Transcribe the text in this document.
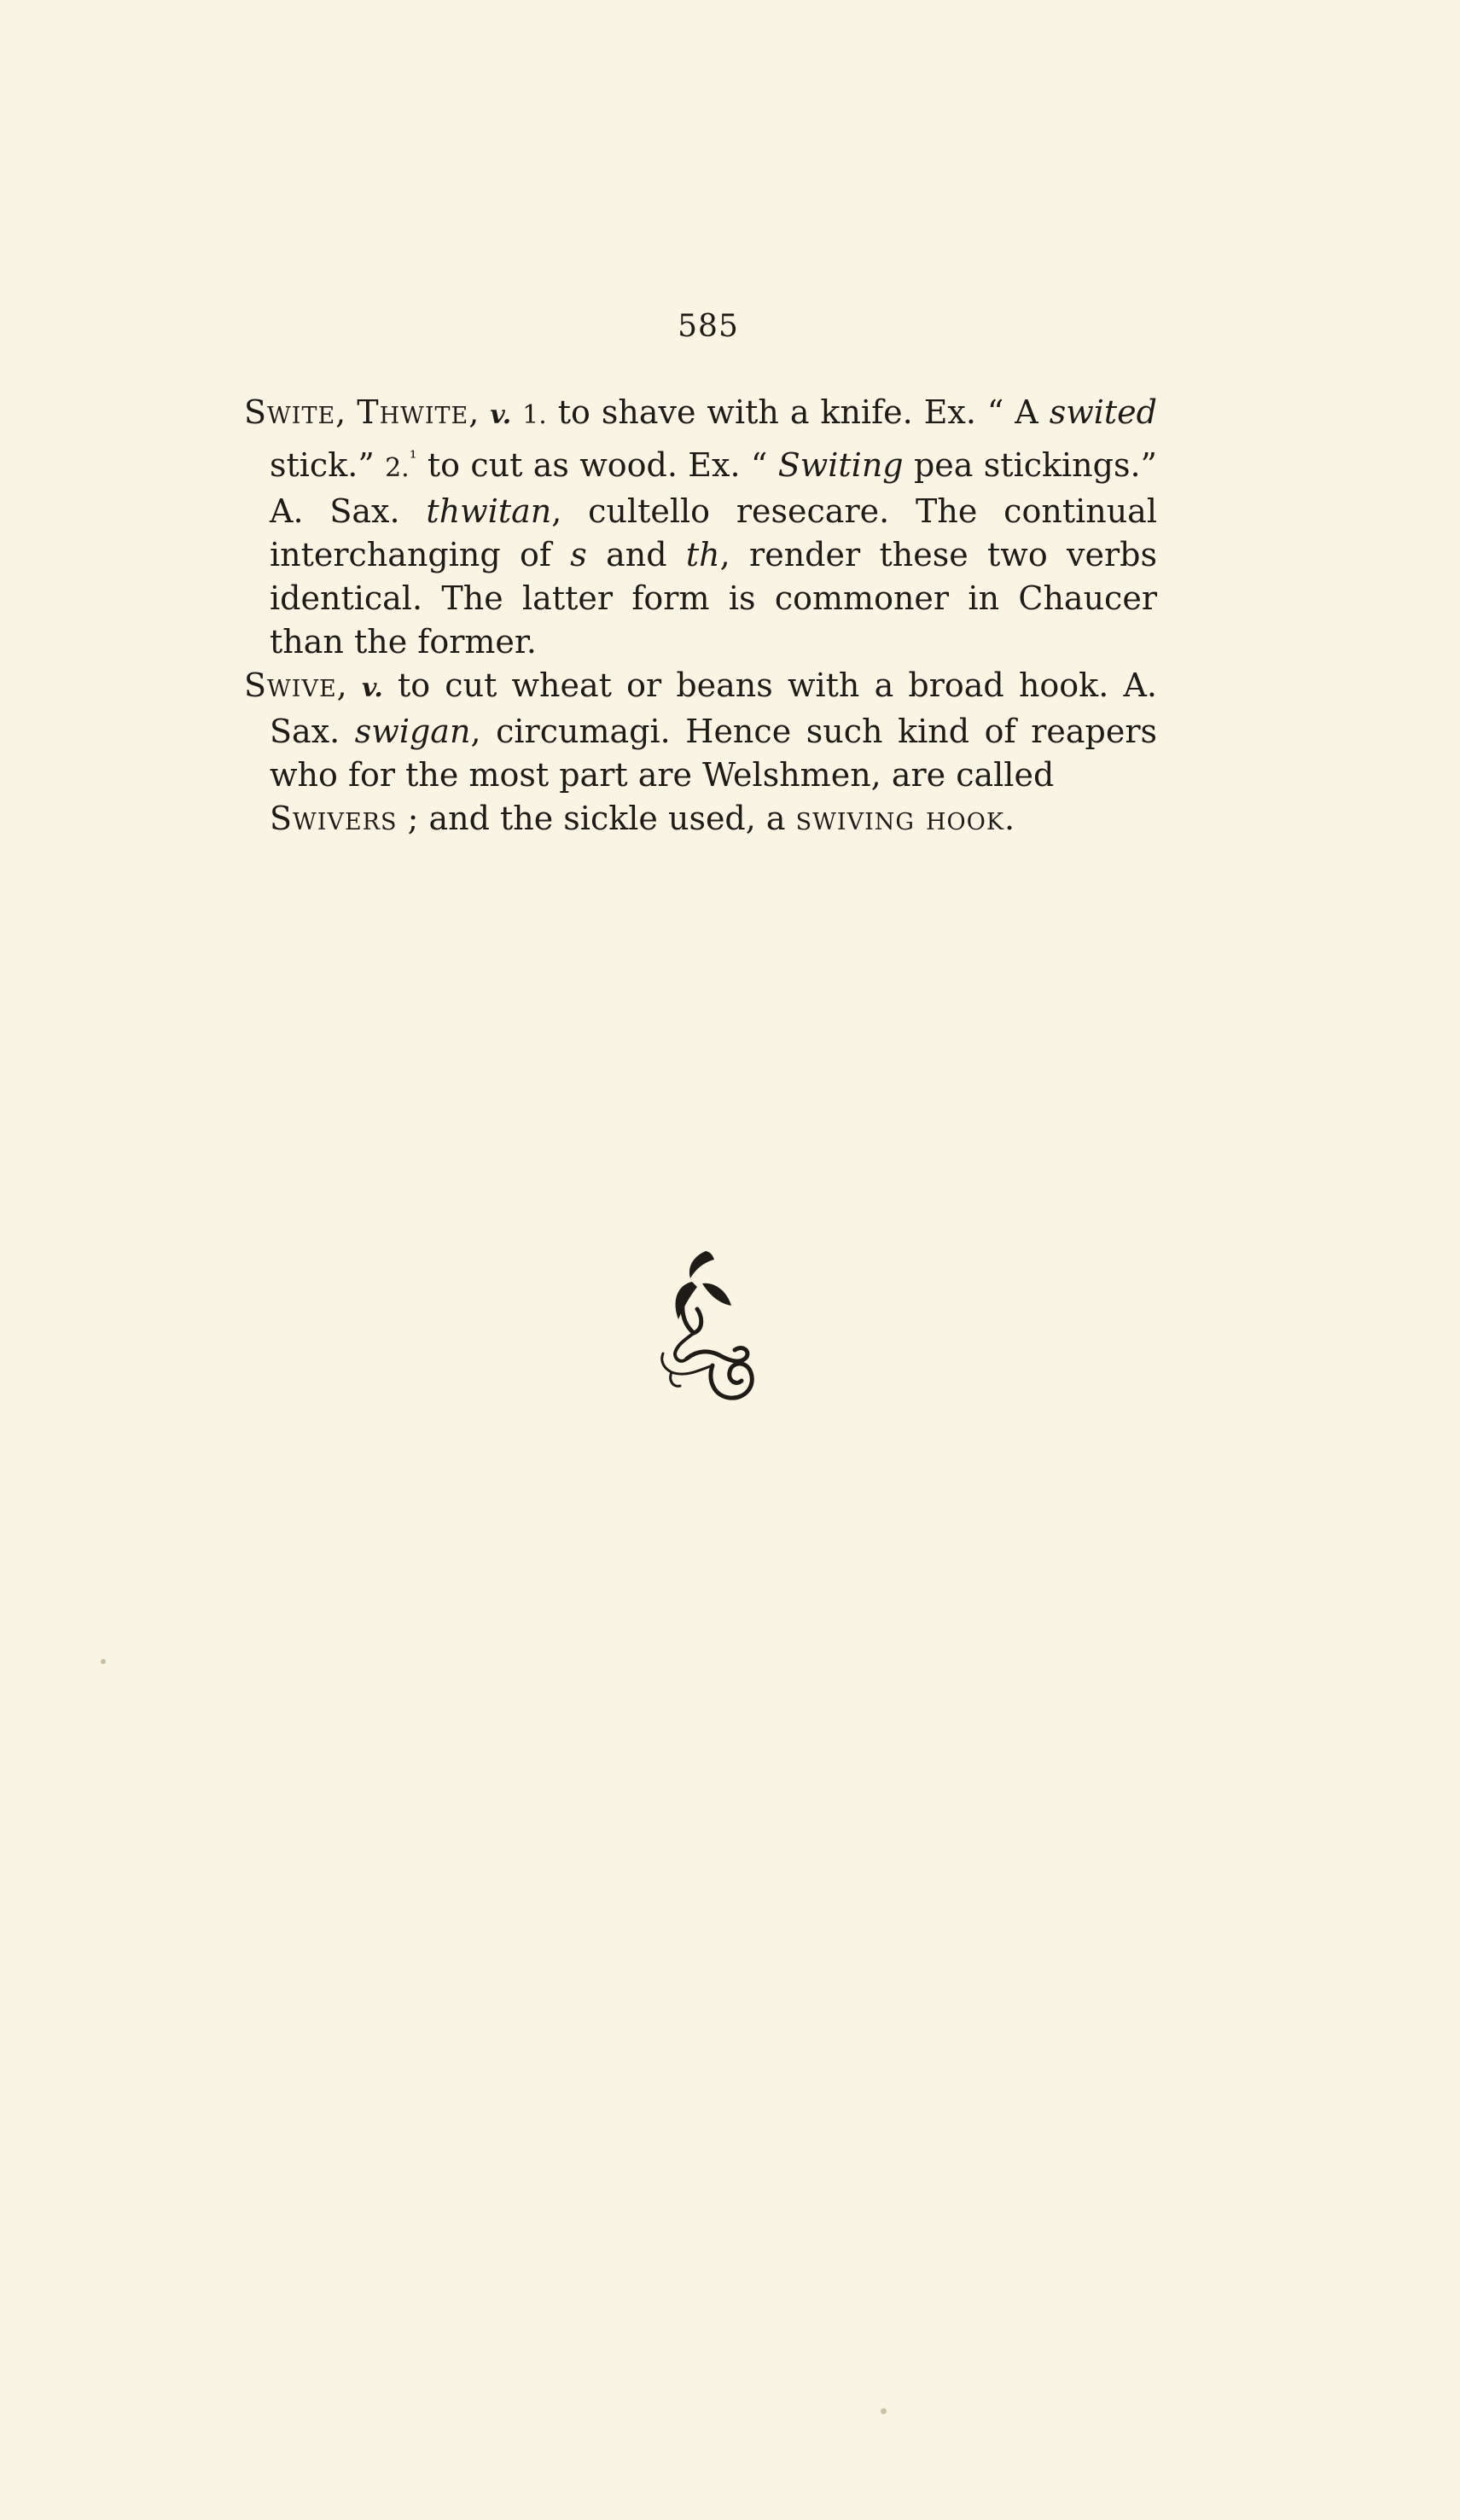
585

Swite, Thwite, v. 1. to shave with a knife. Ex. “ A swited stick.” 2.$^{^1}$ to cut as wood. Ex. “ Switing pea stickings.” A. Sax. thwitan, cultello resecare. The continual interchanging of s and th, render these two verbs identical. The latter form is commoner in Chaucer than the former.

Swive, v. to cut wheat or beans with a broad hook. A. Sax. swigan, circumagi. Hence such kind of reapers who for the most part are Welshmen, are called

Swivers ; and the sickle used, a swiving hook.
